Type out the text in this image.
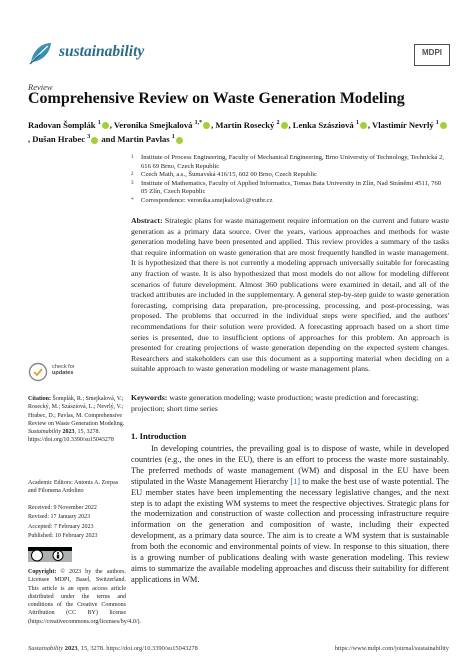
sustainability	MDPI
Review
Comprehensive Review on Waste Generation Modeling
Radovan Šomplák $^1$ , Veronika Smejkalová $^{1,*}$ , Martin Rosecký $^2$ , Lenka Szásziová $^1$ , Vlastimír Nevrlý $^1$, Dušan Hrabec $^3$ and Martin Pavlas $^1$
1	Institute of Process Engineering, Faculty of Mechanical Engineering, Brno University of Technology, Technická 2, 616 69 Brno, Czech Republic
2	Czech Math, a.s., Šumavská 416/15, 602 00 Brno, Czech Republic
3	Institute of Mathematics, Faculty of Applied Informatics, Tomas Bata University in Zlín, Nad Stráněmi 4511, 760 05 Zlín, Czech Republic
*	Correspondence: veronika.smejkalova1@vutbr.cz
Abstract: Strategic plans for waste management require information on the current and future waste generation as a primary data source. Over the years, various approaches and methods for waste generation modeling have been presented and applied. This review provides a summary of the tasks that require information on waste generation that are most frequently handled in waste management. It is hypothesized that there is not currently a modeling approach universally suitable for forecasting any fraction of waste. It is also hypothesized that most models do not allow for modeling different scenarios of future development. Almost 360 publications were examined in detail, and all of the tracked attributes are included in the supplementary. A general step-by-step guide to waste generation forecasting, comprising data preparation, pre-processing, processing, and post-processing, was proposed. The problems that occurred in the individual steps were specified, and the authors' recommendations for their solution were provided. A forecasting approach based on a short time series is presented, due to insufficient options of approaches for this problem. An approach is presented for creating projections of waste generation depending on the expected system changes. Researchers and stakeholders can use this document as a supporting material when deciding on a suitable approach to waste generation modeling or waste management plans.
Keywords: waste generation modeling; waste production; waste prediction and forecasting; projection; short time series
1. Introduction
In developing countries, the prevailing goal is to dispose of waste, while in developed countries (e.g., the ones in the EU), there is an effort to process the waste more sustainably. The preferred methods of waste management (WM) and disposal in the EU have been stipulated in the Waste Management Hierarchy [1] to make the best use of waste potential. The EU member states have been implementing the necessary legislative changes, and the next step is to adapt the existing WM systems to meet the respective objectives. Strategic plans for the modernization and construction of waste collection and processing infrastructure require information on the generation and composition of waste, including their expected development, as a primary data source. The aim is to create a WM system that is sustainable from both the economic and environmental points of view. In response to this situation, there is a growing number of publications dealing with waste generation modeling. This review aims to summarize the available modeling approaches and discuss their suitability for different applications in WM.
check for
updates
Citation: Šomplák, R.; Smejkalová, V.; Rosecký, M.; Szásziová, L.; Nevrlý, V.; Hrabec, D.; Pavlas, M. Comprehensive Review on Waste Generation Modeling. Sustainability 2023, 15, 3278. https://doi.org/10.3390/su15043278
Academic Editors: Antonis A. Zorpas and Filomena Ardolino
Received: 9 November 2022
Revised: 17 January 2023
Accepted: 7 February 2023
Published: 10 February 2023
Copyright: © 2023 by the authors. Licensee MDPI, Basel, Switzerland. This article is an open access article distributed under the terms and conditions of the Creative Commons Attribution (CC BY) license (https://creativecommons.org/licenses/by/4.0/).
Sustainability 2023, 15, 3278. https://doi.org/10.3390/su15043278	https://www.mdpi.com/journal/sustainability
